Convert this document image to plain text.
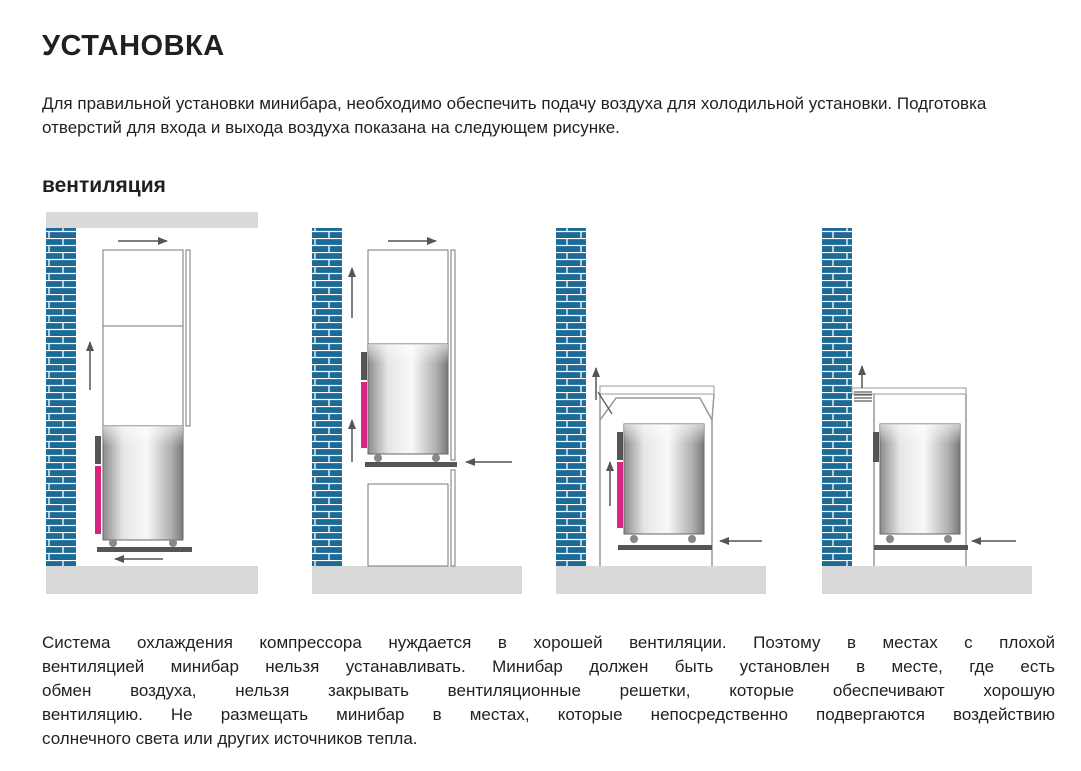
УСТАНОВКА
Для правильной установки минибара, необходимо обеспечить подачу воздуха для холодильной установки. Подготовка отверстий для входа и выхода воздуха показана на следующем рисунке.
вентиляция
Система охлаждения компрессора нуждается в хорошей вентиляции. Поэтому в местах с плохой
вентиляцией минибар нельзя устанавливать. Минибар должен быть установлен в месте, где есть
обмен воздуха, нельзя закрывать вентиляционные решетки, которые обеспечивают хорошую
вентиляцию. Не размещать минибар в местах, которые непосредственно подвергаются воздействию
солнечного света или других источников тепла.
